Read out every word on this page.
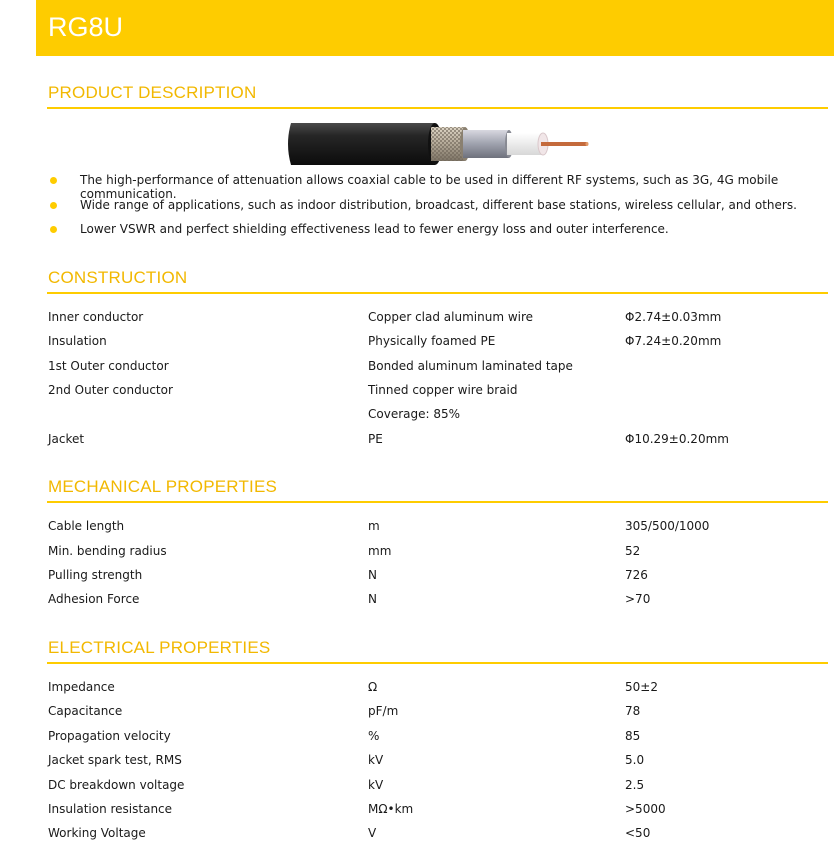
RG8U
PRODUCT DESCRIPTION
The high-performance of attenuation allows coaxial cable to be used in different RF systems, such as 3G, 4G mobile communication.
Wide range of applications, such as indoor distribution, broadcast, different base stations, wireless cellular, and others.
Lower VSWR and perfect shielding effectiveness lead to fewer energy loss and outer interference.
CONSTRUCTION
Inner conductor	Copper clad aluminum wire	Φ2.74±0.03mm
Insulation	Physically foamed PE	Φ7.24±0.20mm
1st Outer conductor	Bonded aluminum laminated tape
2nd Outer conductor	Tinned copper wire braid
Coverage: 85%
Jacket	PE	Φ10.29±0.20mm
MECHANICAL PROPERTIES
Cable length	m	305/500/1000
Min. bending radius	mm	52
Pulling strength	N	726
Adhesion Force	N	>70
ELECTRICAL PROPERTIES
Impedance	Ω	50±2
Capacitance	pF/m	78
Propagation velocity	%	85
Jacket spark test, RMS	kV	5.0
DC breakdown voltage	kV	2.5
Insulation resistance	MΩ•km	>5000
Working Voltage	V	<50
